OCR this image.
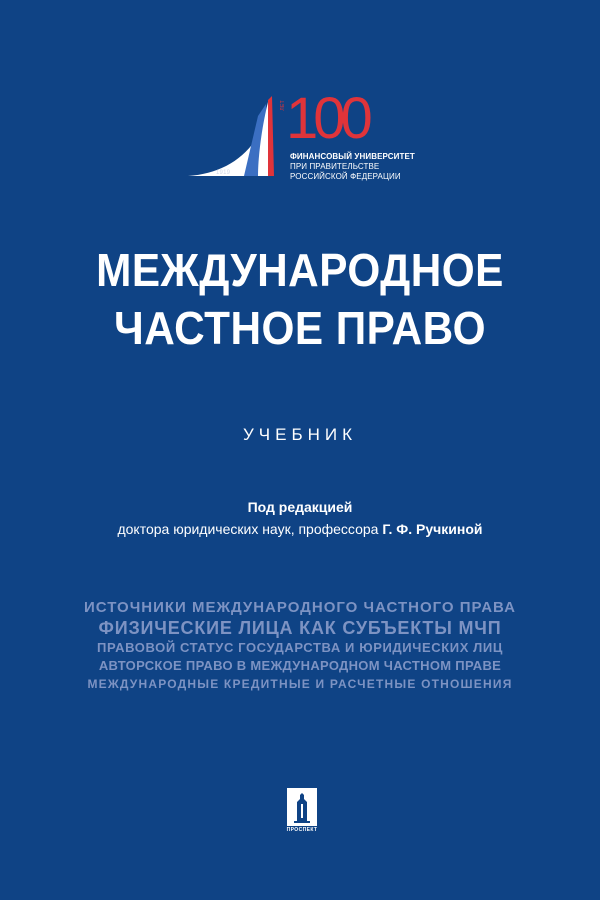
1919
ЛЕТ 100
ФИНАНСОВЫЙ УНИВЕРСИТЕТ
ПРИ ПРАВИТЕЛЬСТВЕ
РОССИЙСКОЙ ФЕДЕРАЦИИ
МЕЖДУНАРОДНОЕ
ЧАСТНОЕ ПРАВО
УЧЕБНИК
Под редакцией
доктора юридических наук, профессора Г. Ф. Ручкиной
ИСТОЧНИКИ МЕЖДУНАРОДНОГО ЧАСТНОГО ПРАВА
ФИЗИЧЕСКИЕ ЛИЦА КАК СУБЪЕКТЫ МЧП
ПРАВОВОЙ СТАТУС ГОСУДАРСТВА И ЮРИДИЧЕСКИХ ЛИЦ
АВТОРСКОЕ ПРАВО В МЕЖДУНАРОДНОМ ЧАСТНОМ ПРАВЕ
МЕЖДУНАРОДНЫЕ КРЕДИТНЫЕ И РАСЧЕТНЫЕ ОТНОШЕНИЯ
ПРОСПЕКТ
